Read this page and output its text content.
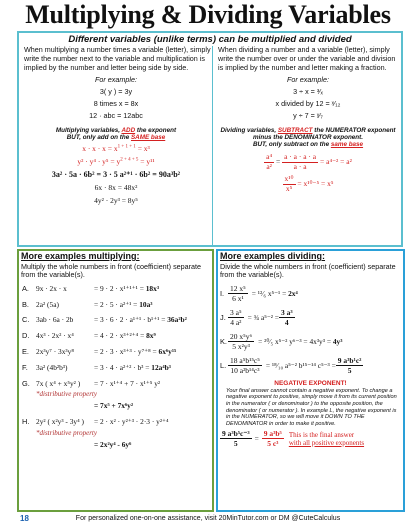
Multiplying & Dividing Variables
Different variables (unlike terms) can be multiplied and divided

When multiplying a number times a variable (letter), simply write the number next to the variable and multiplication is implied by the number and letter being side by side.

For example:
3( y ) = 3y
8 times x = 8x
12 · abc = 12abc
Multiplying variables, ADD the exponent
BUT, only add on the SAME base
$x \cdot x \cdot x = x^{1 + 1 + 1} = x^3$
$y^2 \cdot y^4 \cdot y^5 = y^{2 + 4 + 5} = y^{11}$
3a² · 5a · 6b² = 3 · 5 a²⁺¹ · 6b² = 90a³b²
6x · 8x = 48x²
4y² · 2y³ = 8y⁵

When dividing a number and a variable (letter), simply write the number over or under the variable and division is implied by the number and letter making a fraction.

For example:
3 ÷ x = ³⁄ₓ
x divided by 12 = ˣ⁄₁₂
y ÷ 7 = ʸ⁄₇
Dividing variables, SUBTRACT the NUMERATOR exponent minus the DENOMINATOR exponent.
BUT, only subtract on the same base
$\frac{\text{a⁴}}{\text{a²}} = \frac{a \cdot a \cdot a \cdot a}{a \cdot a} = a^{4-2} = a^2$
$\frac{\text{x¹⁰}}{\text{x⁵}} = x^{10-5} = x^5$
More examples multiplying:
Multiply the whole numbers in front (coefficient) separate from the variable(s).
A. 9x · 2x · x	= 9 · 2 · x¹⁺¹⁺¹ = 18x³
B. 2a² (5a)	= 2 · 5 · a²⁺¹ = 10a³
C. 3ab · 6a · 2b	= 3 · 6 · 2 · a¹⁺¹ · b¹⁺¹ = 36a²b²
D. 4x³ · 2x² · x⁴	= 4 · 2 · x³⁺²⁺⁴ = 8x⁹
E. 2x³y⁷ · 3x³y⁸	= 2 · 3 · x³⁺³ · y⁷⁺⁸ = 6x⁶y¹⁵
F.	3a² (4b²b³)	= 3 · 4 · a²⁺² · b³ = 12a⁴b³
G. 7x ( x⁴ + x⁵y² )	= 7 · x¹⁺⁴ + 7 · x¹⁺⁵ y²
*distributive property
= 7x⁵ + 7x⁶y²
H. 2y² ( x²y³ - 3y⁴ )	= 2 · x² · y²⁺³ · 2·3 · y²⁺⁴
*distributive property
= 2x²y⁴ - 6y⁶
More examples dividing:
Divide the whole numbers in front (coefficient) separate from the variable(s).
I. $\frac{\text{12 x⁵}}{\text{6 x¹}}$ = ¹²⁄₆ x⁵⁻¹ = 2x⁴
J. $\frac{\text{3 a⁵}}{\text{4 a²}}$ = ¾ $a^{5-2} = \frac{\text{3 a³}}{4}$
K. $\frac{\text{20 x⁵y⁶}}{\text{5 x²y³}}$ = ²⁰⁄₅ x⁵⁻² y⁶⁻³ = 4x³y³ = 4y³
L. $\frac{\text{18 a⁵b¹⁵c⁵}}{\text{10 a²b¹⁴c³}}$ = ¹⁸⁄₁₀ a⁵⁻² b¹⁵⁻¹⁴ $c^{5-3} = \frac{\text{9 a³b¹c²}}{5}$
NEGATIVE EXPONENT!
Your final answer cannot contain a negative exponent. To change a negative exponent to positive, simply move it from its current position in the numerator ( or denominator ) to the opposite position, the denominator ( or numerator ). In example L, the negative exponent is in the NUMERATOR, so we will move it DOWN TO THE DENOMINATOR in order to make it positive.
$\frac{\text{9 a³b⁵c⁻³}}{5} = \frac{\text{9 a³b⁵}}{\text{5 c³}}$ This is the final answer
with all positive exponents
18	For personalized one-on-one assistance, visit 20MinTutor.com or DM @CuteCalculus
